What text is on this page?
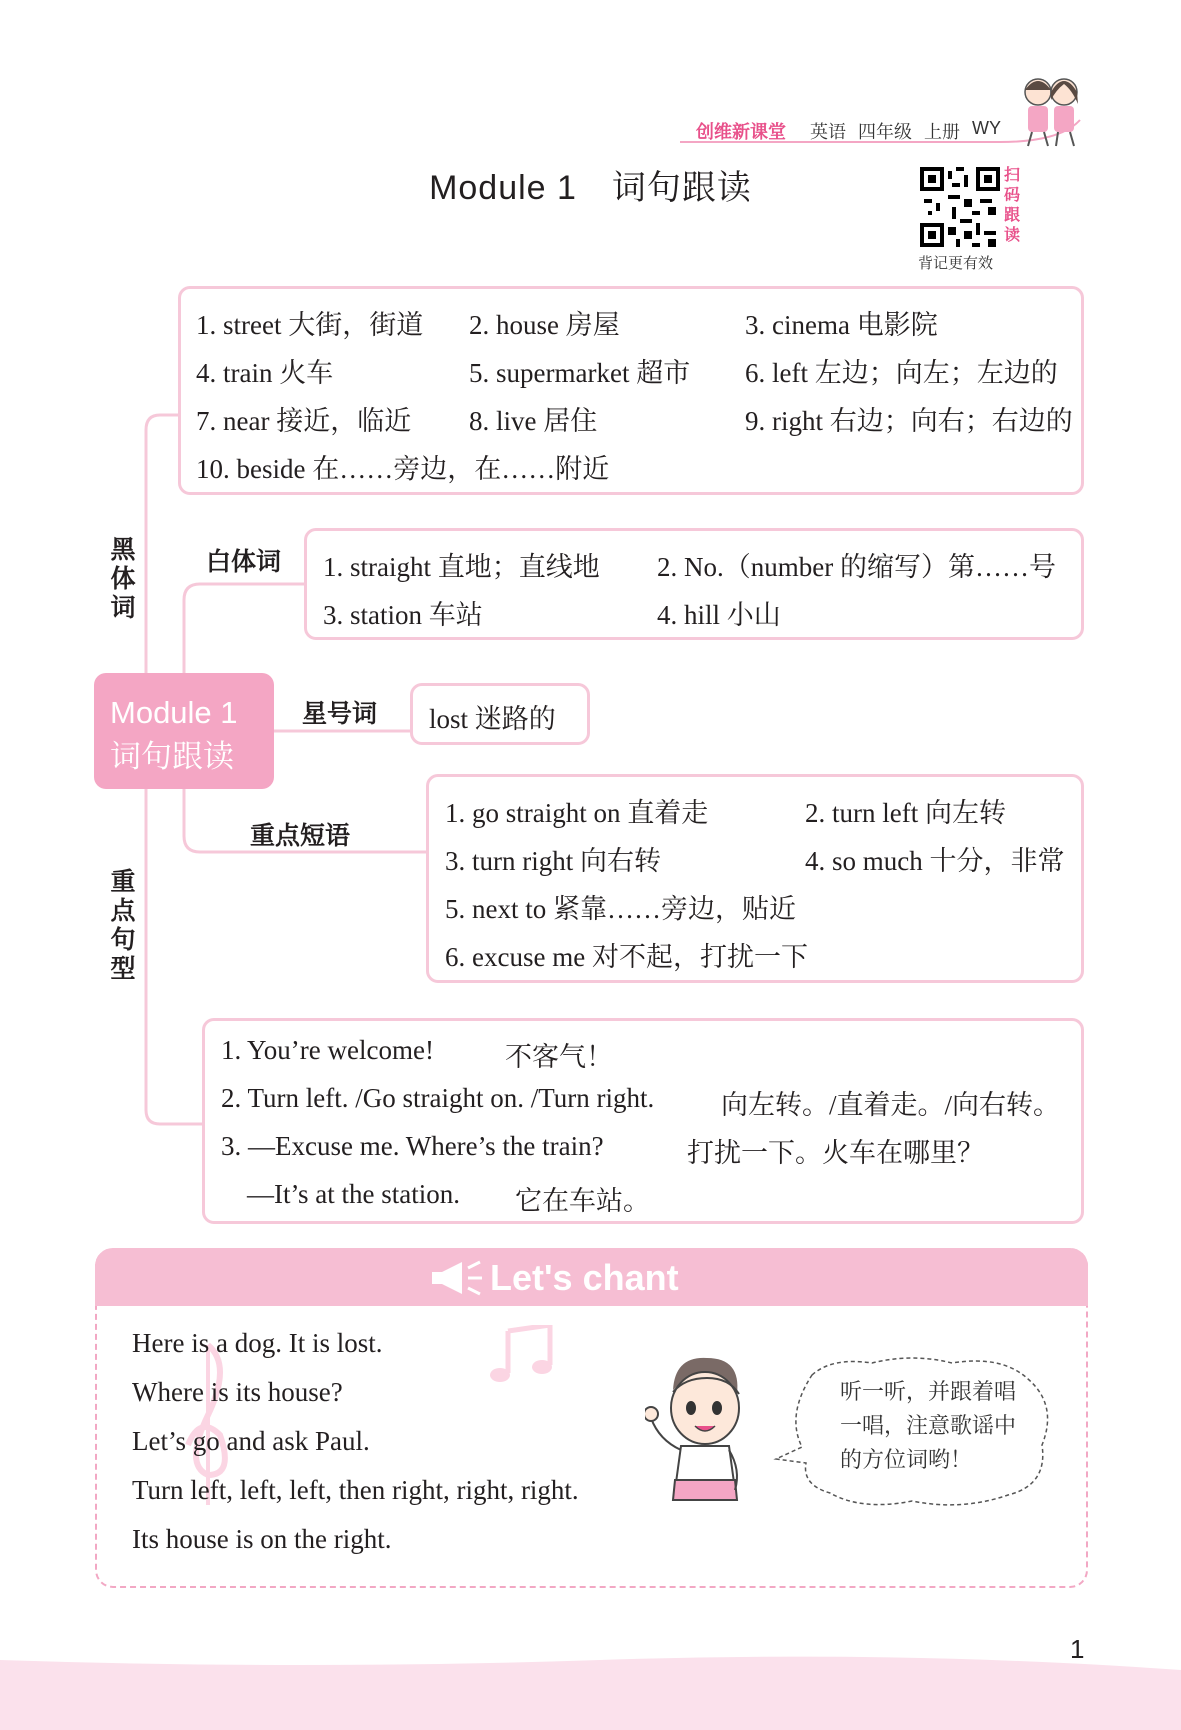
创维新课堂 英语 四年级 上册 WY
Module 1　词句跟读	扫
码
跟
读
背记更有效
1. street 大街，街道 2. house 房屋	3. cinema 电影院
4. train 火车	5. supermarket 超市 6. left 左边；向左；左边的
7. near 接近，临近 8. live 居住	9. right 右边；向右；右边的
10. beside 在……旁边，在……附近
黑
体
词
重
点
句
型
白体词 1. straight 直地；直线地 2. No.（number 的缩写）第……号
3. station 车站	4. hill 小山
Module 1
词句跟读
星号词 lost 迷路的
重点短语
1. go straight on 直着走	2. turn left 向左转
3. turn right 向右转	4. so much 十分，非常
5. next to 紧靠……旁边，贴近
6. excuse me 对不起，打扰一下
1. You’re welcome!	不客气！
2. Turn left. /Go straight on. /Turn right. 向左转。/直着走。/向右转。
3. —Excuse me. Where’s the train?	打扰一下。火车在哪里？
—It’s at the station. 它在车站。
Let's chant
Here is a dog. It is lost.
Where is its house?
Let’s go and ask Paul.
Turn left, left, left, then right, right, right.
Its house is on the right.
听一听，并跟着唱
一唱，注意歌谣中
的方位词哟！
1
